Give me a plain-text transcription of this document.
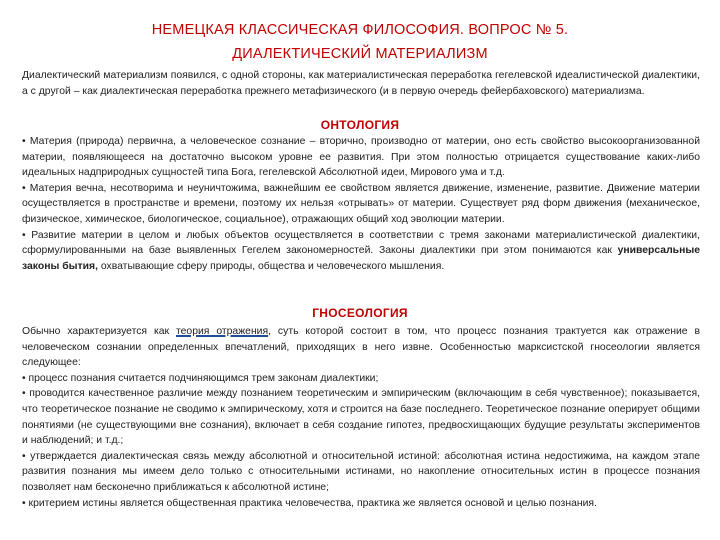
НЕМЕЦКАЯ КЛАССИЧЕСКАЯ ФИЛОСОФИЯ. ВОПРОС № 5.
ДИАЛЕКТИЧЕСКИЙ МАТЕРИАЛИЗМ

Диалектический материализм появился, с одной стороны, как материалистическая переработка гегелевской идеалистической диалектики, а с другой – как диалектическая переработка прежнего метафизического (и в первую очередь фейербаховского) материализма.

ОНТОЛОГИЯ

• Материя (природа) первична, а человеческое сознание – вторично, производно от материи, оно есть свойство высокоорганизованной материи, появляющееся на достаточно высоком уровне ее развития. При этом полностью отрицается существование каких-либо идеальных надприродных сущностей типа Бога, гегелевской Абсолютной идеи, Мирового ума и т.д.

• Материя вечна, несотворима и неуничтожима, важнейшим ее свойством является движение, изменение, развитие. Движение материи осуществляется в пространстве и времени, поэтому их нельзя «отрывать» от материи. Существует ряд форм движения (механическое, физическое, химическое, биологическое, социальное), отражающих общий ход эволюции материи.

• Развитие материи в целом и любых объектов осуществляется в соответствии с тремя законами материалистической диалектики, сформулированными на базе выявленных Гегелем закономерностей. Законы диалектики при этом понимаются как универсальные законы бытия, охватывающие сферу природы, общества и человеческого мышления.

ГНОСЕОЛОГИЯ

Обычно характеризуется как теория отражения, суть которой состоит в том, что процесс познания трактуется как отражение в человеческом сознании определенных впечатлений, приходящих в него извне. Особенностью марксистской гносеологии является следующее:

• процесс познания считается подчиняющимся трем законам диалектики;

• проводится качественное различие между познанием теоретическим и эмпирическим (включающим в себя чувственное); показывается, что теоретическое познание не сводимо к эмпирическому, хотя и строится на базе последнего. Теоретическое познание оперирует общими понятиями (не существующими вне сознания), включает в себя создание гипотез, предвосхищающих будущие результаты экспериментов и наблюдений; и т.д.;

• утверждается диалектическая связь между абсолютной и относительной истиной: абсолютная истина недостижима, на каждом этапе развития познания мы имеем дело только с относительными истинами, но накопление относительных истин в процессе познания позволяет нам бесконечно приближаться к абсолютной истине;

• критерием истины является общественная практика человечества, практика же является основой и целью познания.
